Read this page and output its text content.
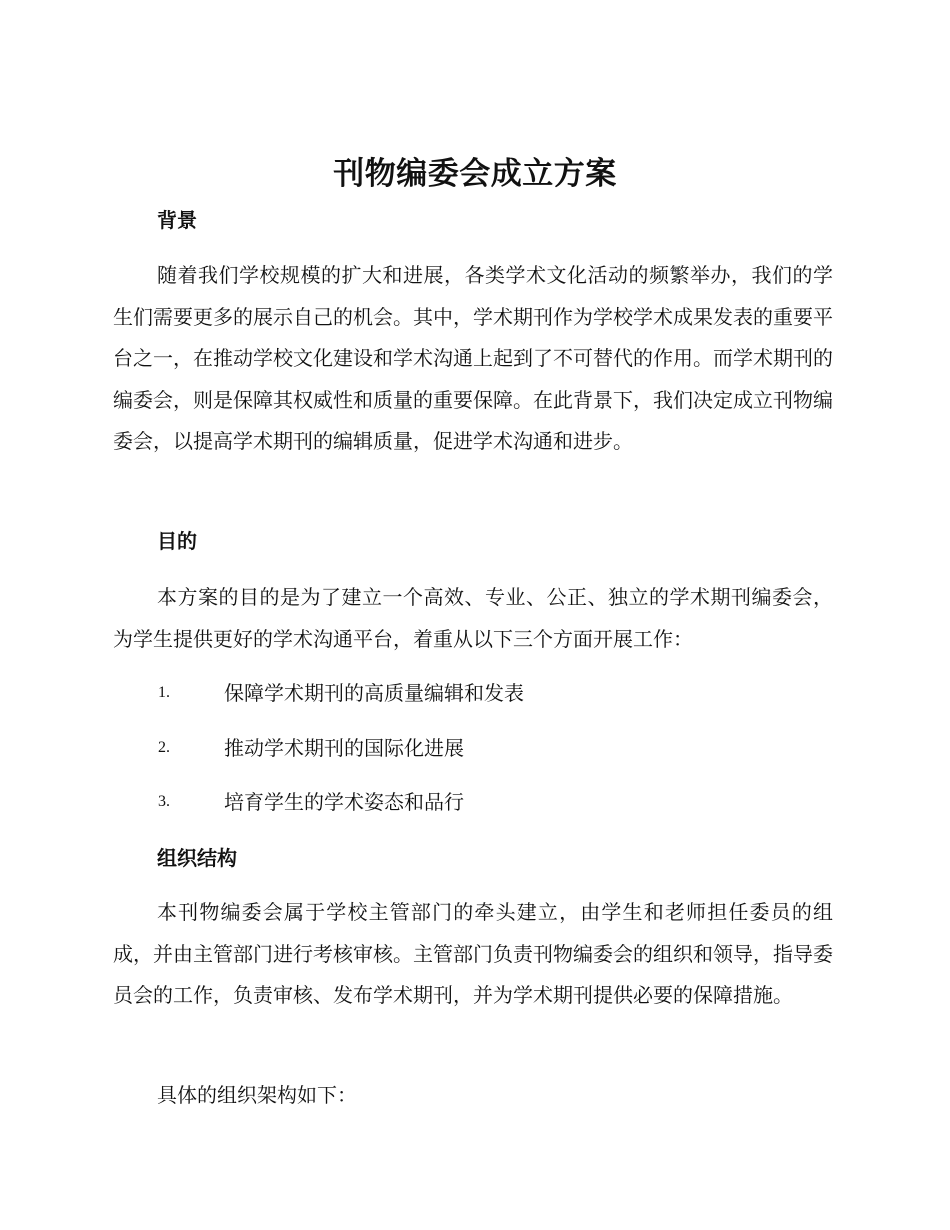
刊物编委会成立方案
背景

随着我们学校规模的扩大和进展，各类学术文化活动的频繁举办，我们的学生们需要更多的展示自己的机会。其中，学术期刊作为学校学术成果发表的重要平台之一，在推动学校文化建设和学术沟通上起到了不可替代的作用。而学术期刊的编委会，则是保障其权威性和质量的重要保障。在此背景下，我们决定成立刊物编委会，以提高学术期刊的编辑质量，促进学术沟通和进步。

目的

本方案的目的是为了建立一个高效、专业、公正、独立的学术期刊编委会，为学生提供更好的学术沟通平台，着重从以下三个方面开展工作：

1.	保障学术期刊的高质量编辑和发表
2.	推动学术期刊的国际化进展
3.	培育学生的学术姿态和品行
组织结构

本刊物编委会属于学校主管部门的牵头建立，由学生和老师担任委员的组成，并由主管部门进行考核审核。主管部门负责刊物编委会的组织和领导，指导委员会的工作，负责审核、发布学术期刊，并为学术期刊提供必要的保障措施。

具体的组织架构如下：
